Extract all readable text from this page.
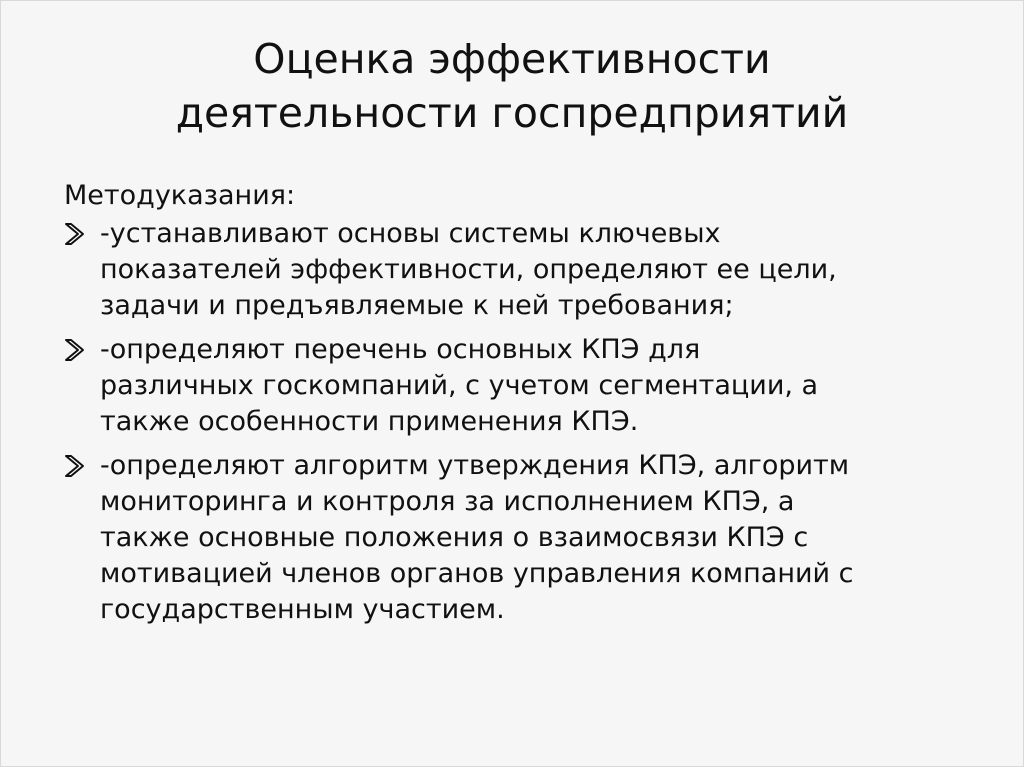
Оценка эффективности
деятельности госпредприятий
Методуказания:
-устанавливают основы системы ключевых
показателей эффективности, определяют ее цели,
задачи и предъявляемые к ней требования;
-определяют перечень основных КПЭ для
различных госкомпаний, с учетом сегментации, а
также особенности применения КПЭ.
-определяют алгоритм утверждения КПЭ, алгоритм
мониторинга и контроля за исполнением КПЭ, а
также основные положения о взаимосвязи КПЭ с
мотивацией членов органов управления компаний с
государственным участием.
